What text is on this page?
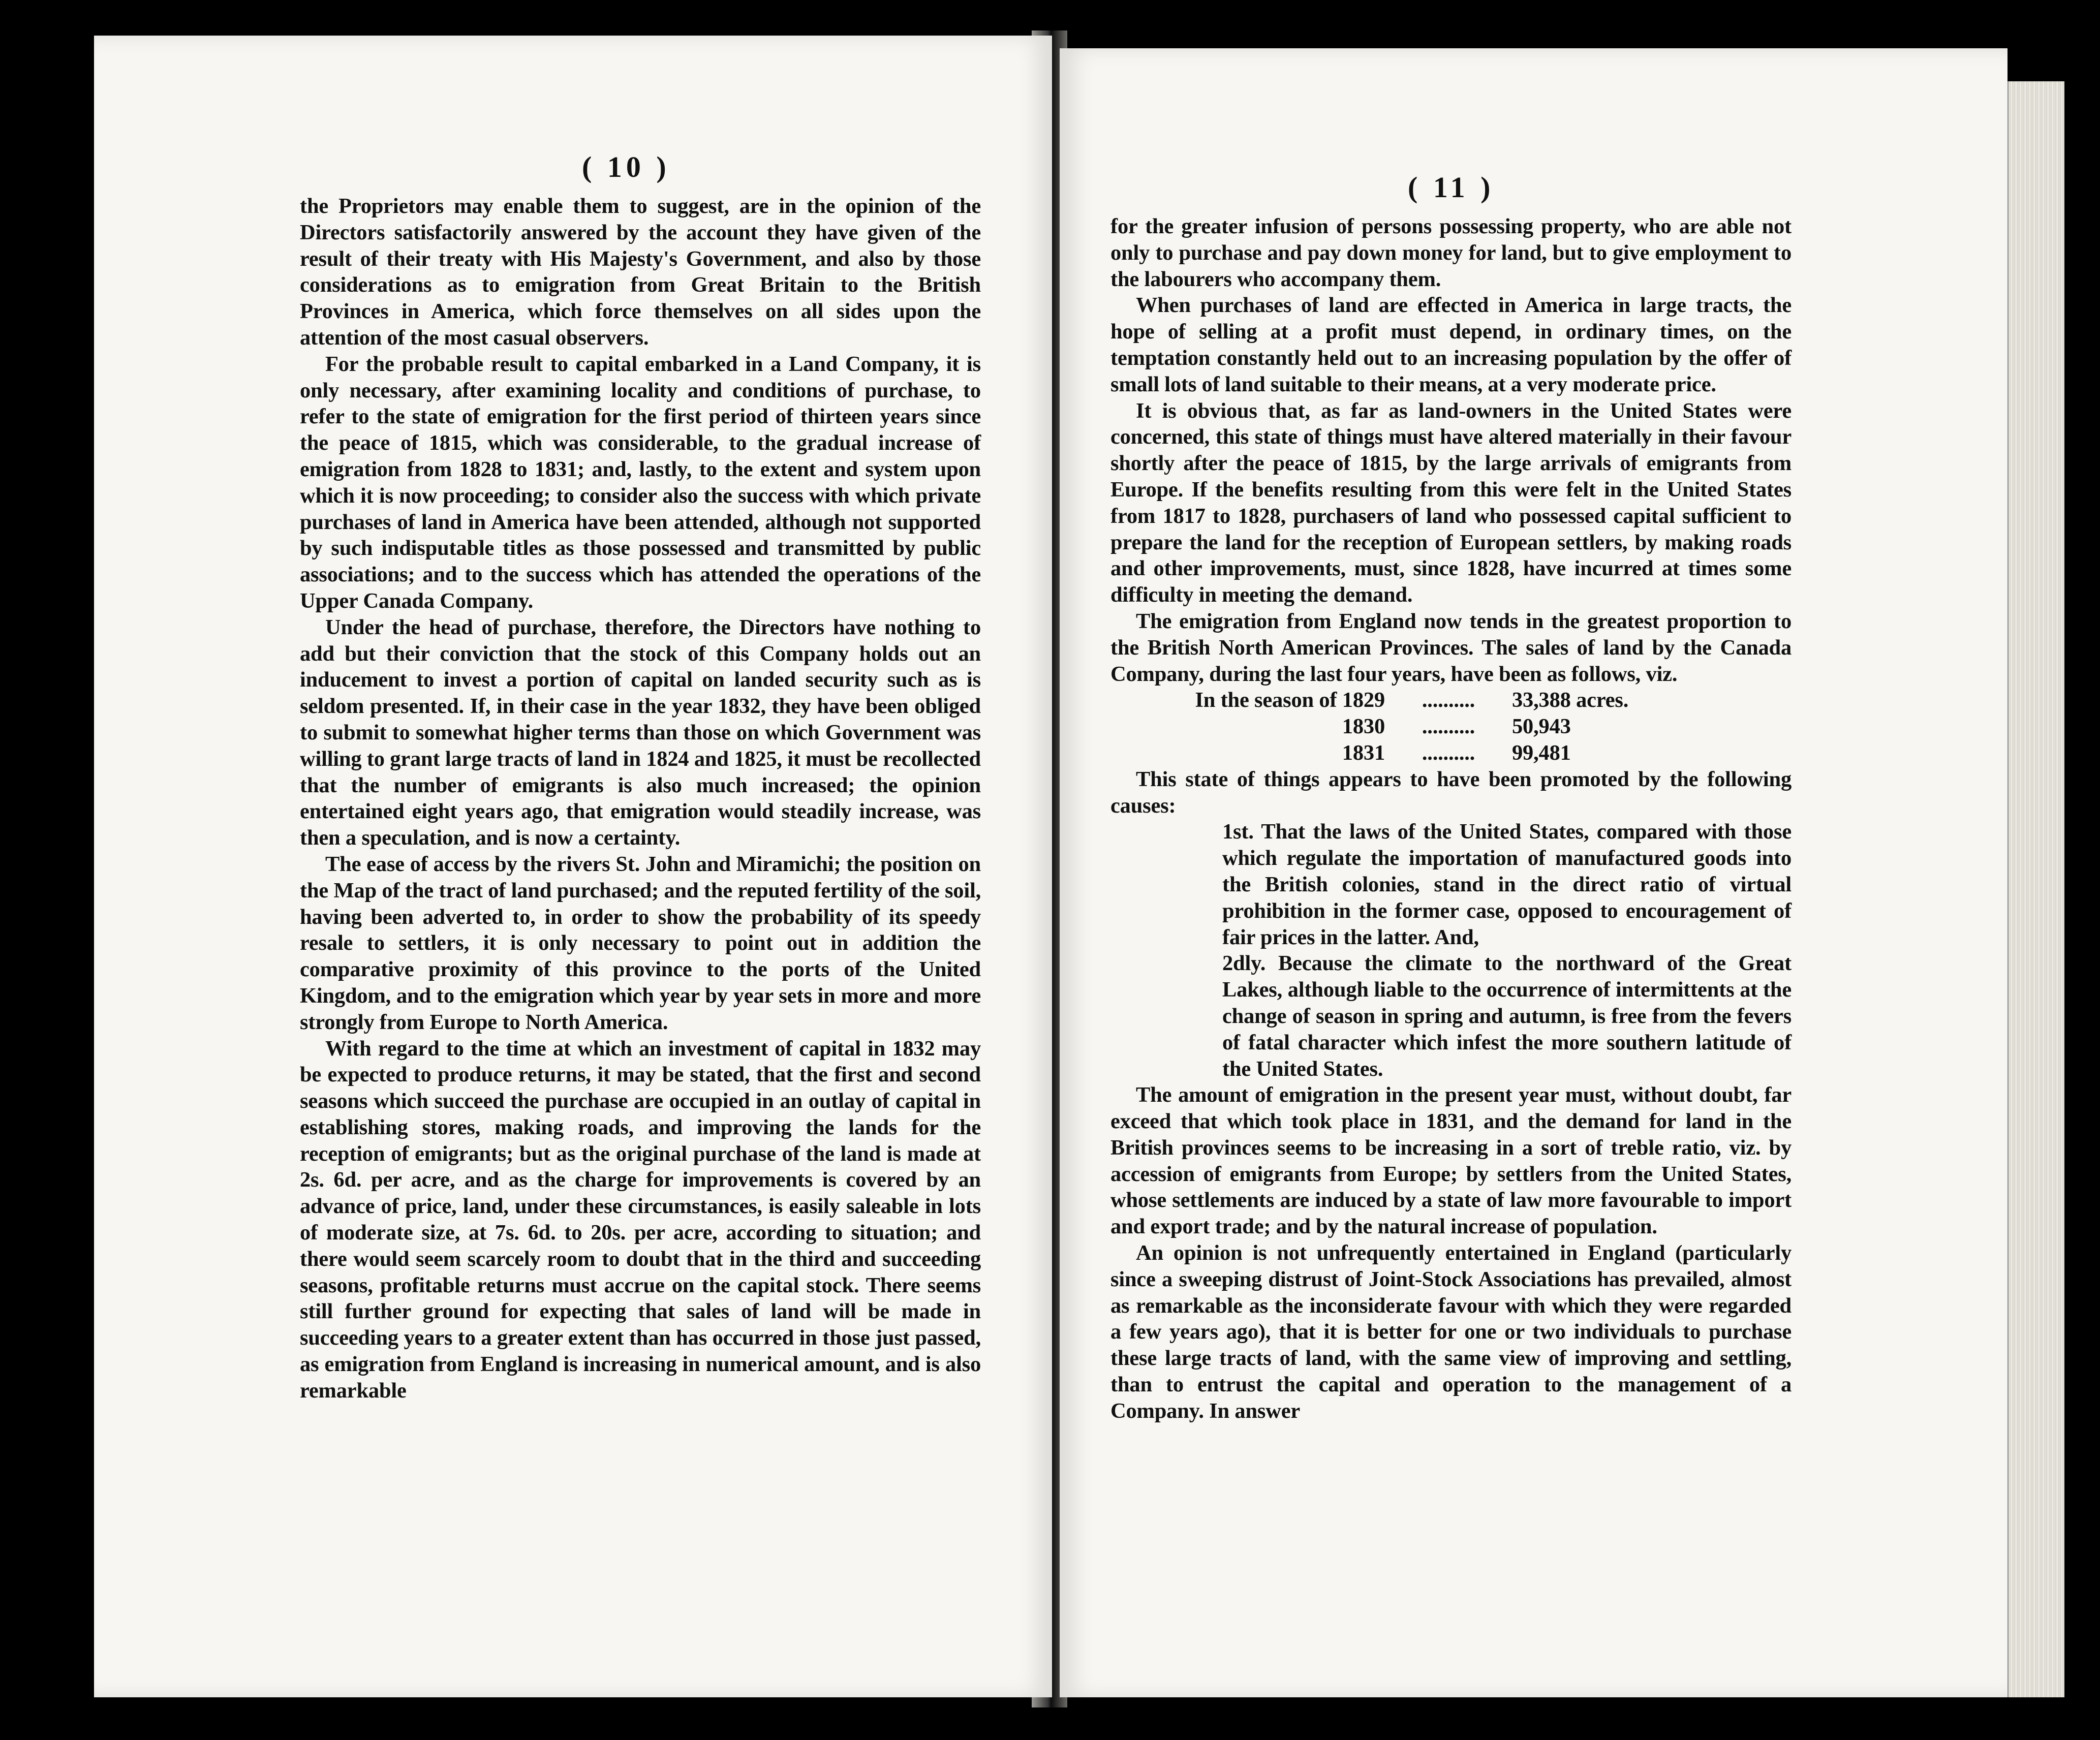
( 10 )

the Proprietors may enable them to suggest, are in the opinion of the Directors satisfactorily answered by the account they have given of the result of their treaty with His Majesty's Government, and also by those considerations as to emigration from Great Britain to the British Provinces in America, which force themselves on all sides upon the attention of the most casual observers.

For the probable result to capital embarked in a Land Company, it is only necessary, after examining locality and conditions of purchase, to refer to the state of emigration for the first period of thirteen years since the peace of 1815, which was considerable, to the gradual increase of emigration from 1828 to 1831; and, lastly, to the extent and system upon which it is now proceeding; to consider also the success with which private purchases of land in America have been attended, although not supported by such indisputable titles as those possessed and transmitted by public associations; and to the success which has attended the operations of the Upper Canada Company.

Under the head of purchase, therefore, the Directors have nothing to add but their conviction that the stock of this Company holds out an inducement to invest a portion of capital on landed security such as is seldom presented. If, in their case in the year 1832, they have been obliged to submit to somewhat higher terms than those on which Government was willing to grant large tracts of land in 1824 and 1825, it must be recollected that the number of emigrants is also much increased; the opinion entertained eight years ago, that emigration would steadily increase, was then a speculation, and is now a certainty.

The ease of access by the rivers St. John and Miramichi; the position on the Map of the tract of land purchased; and the reputed fertility of the soil, having been adverted to, in order to show the probability of its speedy resale to settlers, it is only necessary to point out in addition the comparative proximity of this province to the ports of the United Kingdom, and to the emigration which year by year sets in more and more strongly from Europe to North America.

With regard to the time at which an investment of capital in 1832 may be expected to produce returns, it may be stated, that the first and second seasons which succeed the purchase are occupied in an outlay of capital in establishing stores, making roads, and improving the lands for the reception of emigrants; but as the original purchase of the land is made at 2s. 6d. per acre, and as the charge for improvements is covered by an advance of price, land, under these circumstances, is easily saleable in lots of moderate size, at 7s. 6d. to 20s. per acre, according to situation; and there would seem scarcely room to doubt that in the third and succeeding seasons, profitable returns must accrue on the capital stock. There seems still further ground for expecting that sales of land will be made in succeeding years to a greater extent than has occurred in those just passed, as emigration from England is increasing in numerical amount, and is also remarkable

( 11 )

for the greater infusion of persons possessing property, who are able not only to purchase and pay down money for land, but to give employment to the labourers who accompany them.

When purchases of land are effected in America in large tracts, the hope of selling at a profit must depend, in ordinary times, on the temptation constantly held out to an increasing population by the offer of small lots of land suitable to their means, at a very moderate price.

It is obvious that, as far as land-owners in the United States were concerned, this state of things must have altered materially in their favour shortly after the peace of 1815, by the large arrivals of emigrants from Europe. If the benefits resulting from this were felt in the United States from 1817 to 1828, purchasers of land who possessed capital sufficient to prepare the land for the reception of European settlers, by making roads and other improvements, must, since 1828, have incurred at times some difficulty in meeting the demand.

The emigration from England now tends in the greatest proportion to the British North American Provinces. The sales of land by the Canada Company, during the last four years, have been as follows, viz.

In the season of 1829	..........	33,388 acres.
1830	..........	50,943
1831	..........	99,481

This state of things appears to have been promoted by the following causes:

1st. That the laws of the United States, compared with those which regulate the importation of manufactured goods into the British colonies, stand in the direct ratio of virtual prohibition in the former case, opposed to encouragement of fair prices in the latter. And,

2dly. Because the climate to the northward of the Great Lakes, although liable to the occurrence of intermittents at the change of season in spring and autumn, is free from the fevers of fatal character which infest the more southern latitude of the United States.

The amount of emigration in the present year must, without doubt, far exceed that which took place in 1831, and the demand for land in the British provinces seems to be increasing in a sort of treble ratio, viz. by accession of emigrants from Europe; by settlers from the United States, whose settlements are induced by a state of law more favourable to import and export trade; and by the natural increase of population.

An opinion is not unfrequently entertained in England (particularly since a sweeping distrust of Joint-Stock Associations has prevailed, almost as remarkable as the inconsiderate favour with which they were regarded a few years ago), that it is better for one or two individuals to purchase these large tracts of land, with the same view of improving and settling, than to entrust the capital and operation to the management of a Company. In answer
